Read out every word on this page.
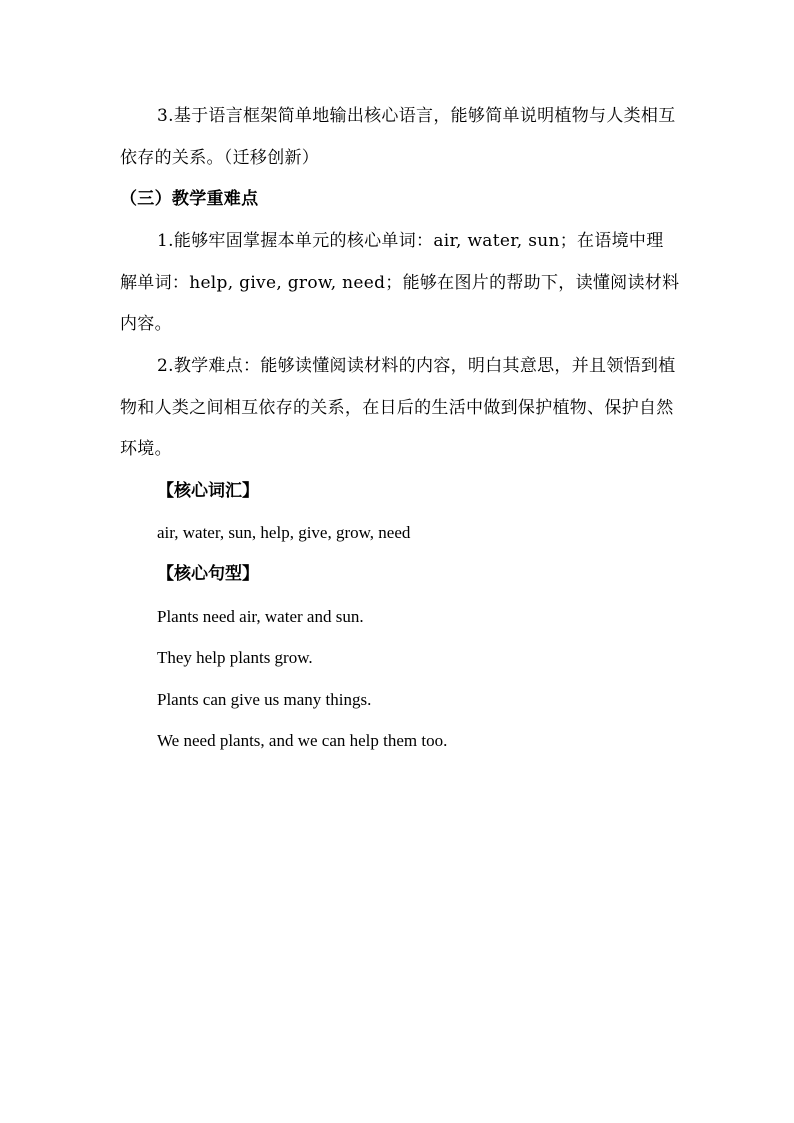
3.基于语言框架简单地输出核心语言，能够简单说明植物与人类相互依存的关系。（迁移创新）

（三）教学重难点

1.能够牢固掌握本单元的核心单词：air, water, sun；在语境中理解单词：help, give, grow, need；能够在图片的帮助下，读懂阅读材料内容。

2.教学难点：能够读懂阅读材料的内容，明白其意思，并且领悟到植物和人类之间相互依存的关系，在日后的生活中做到保护植物、保护自然环境。

【核心词汇】

air, water, sun, help, give, grow, need

【核心句型】

Plants need air, water and sun.

They help plants grow.

Plants can give us many things.

We need plants, and we can help them too.
